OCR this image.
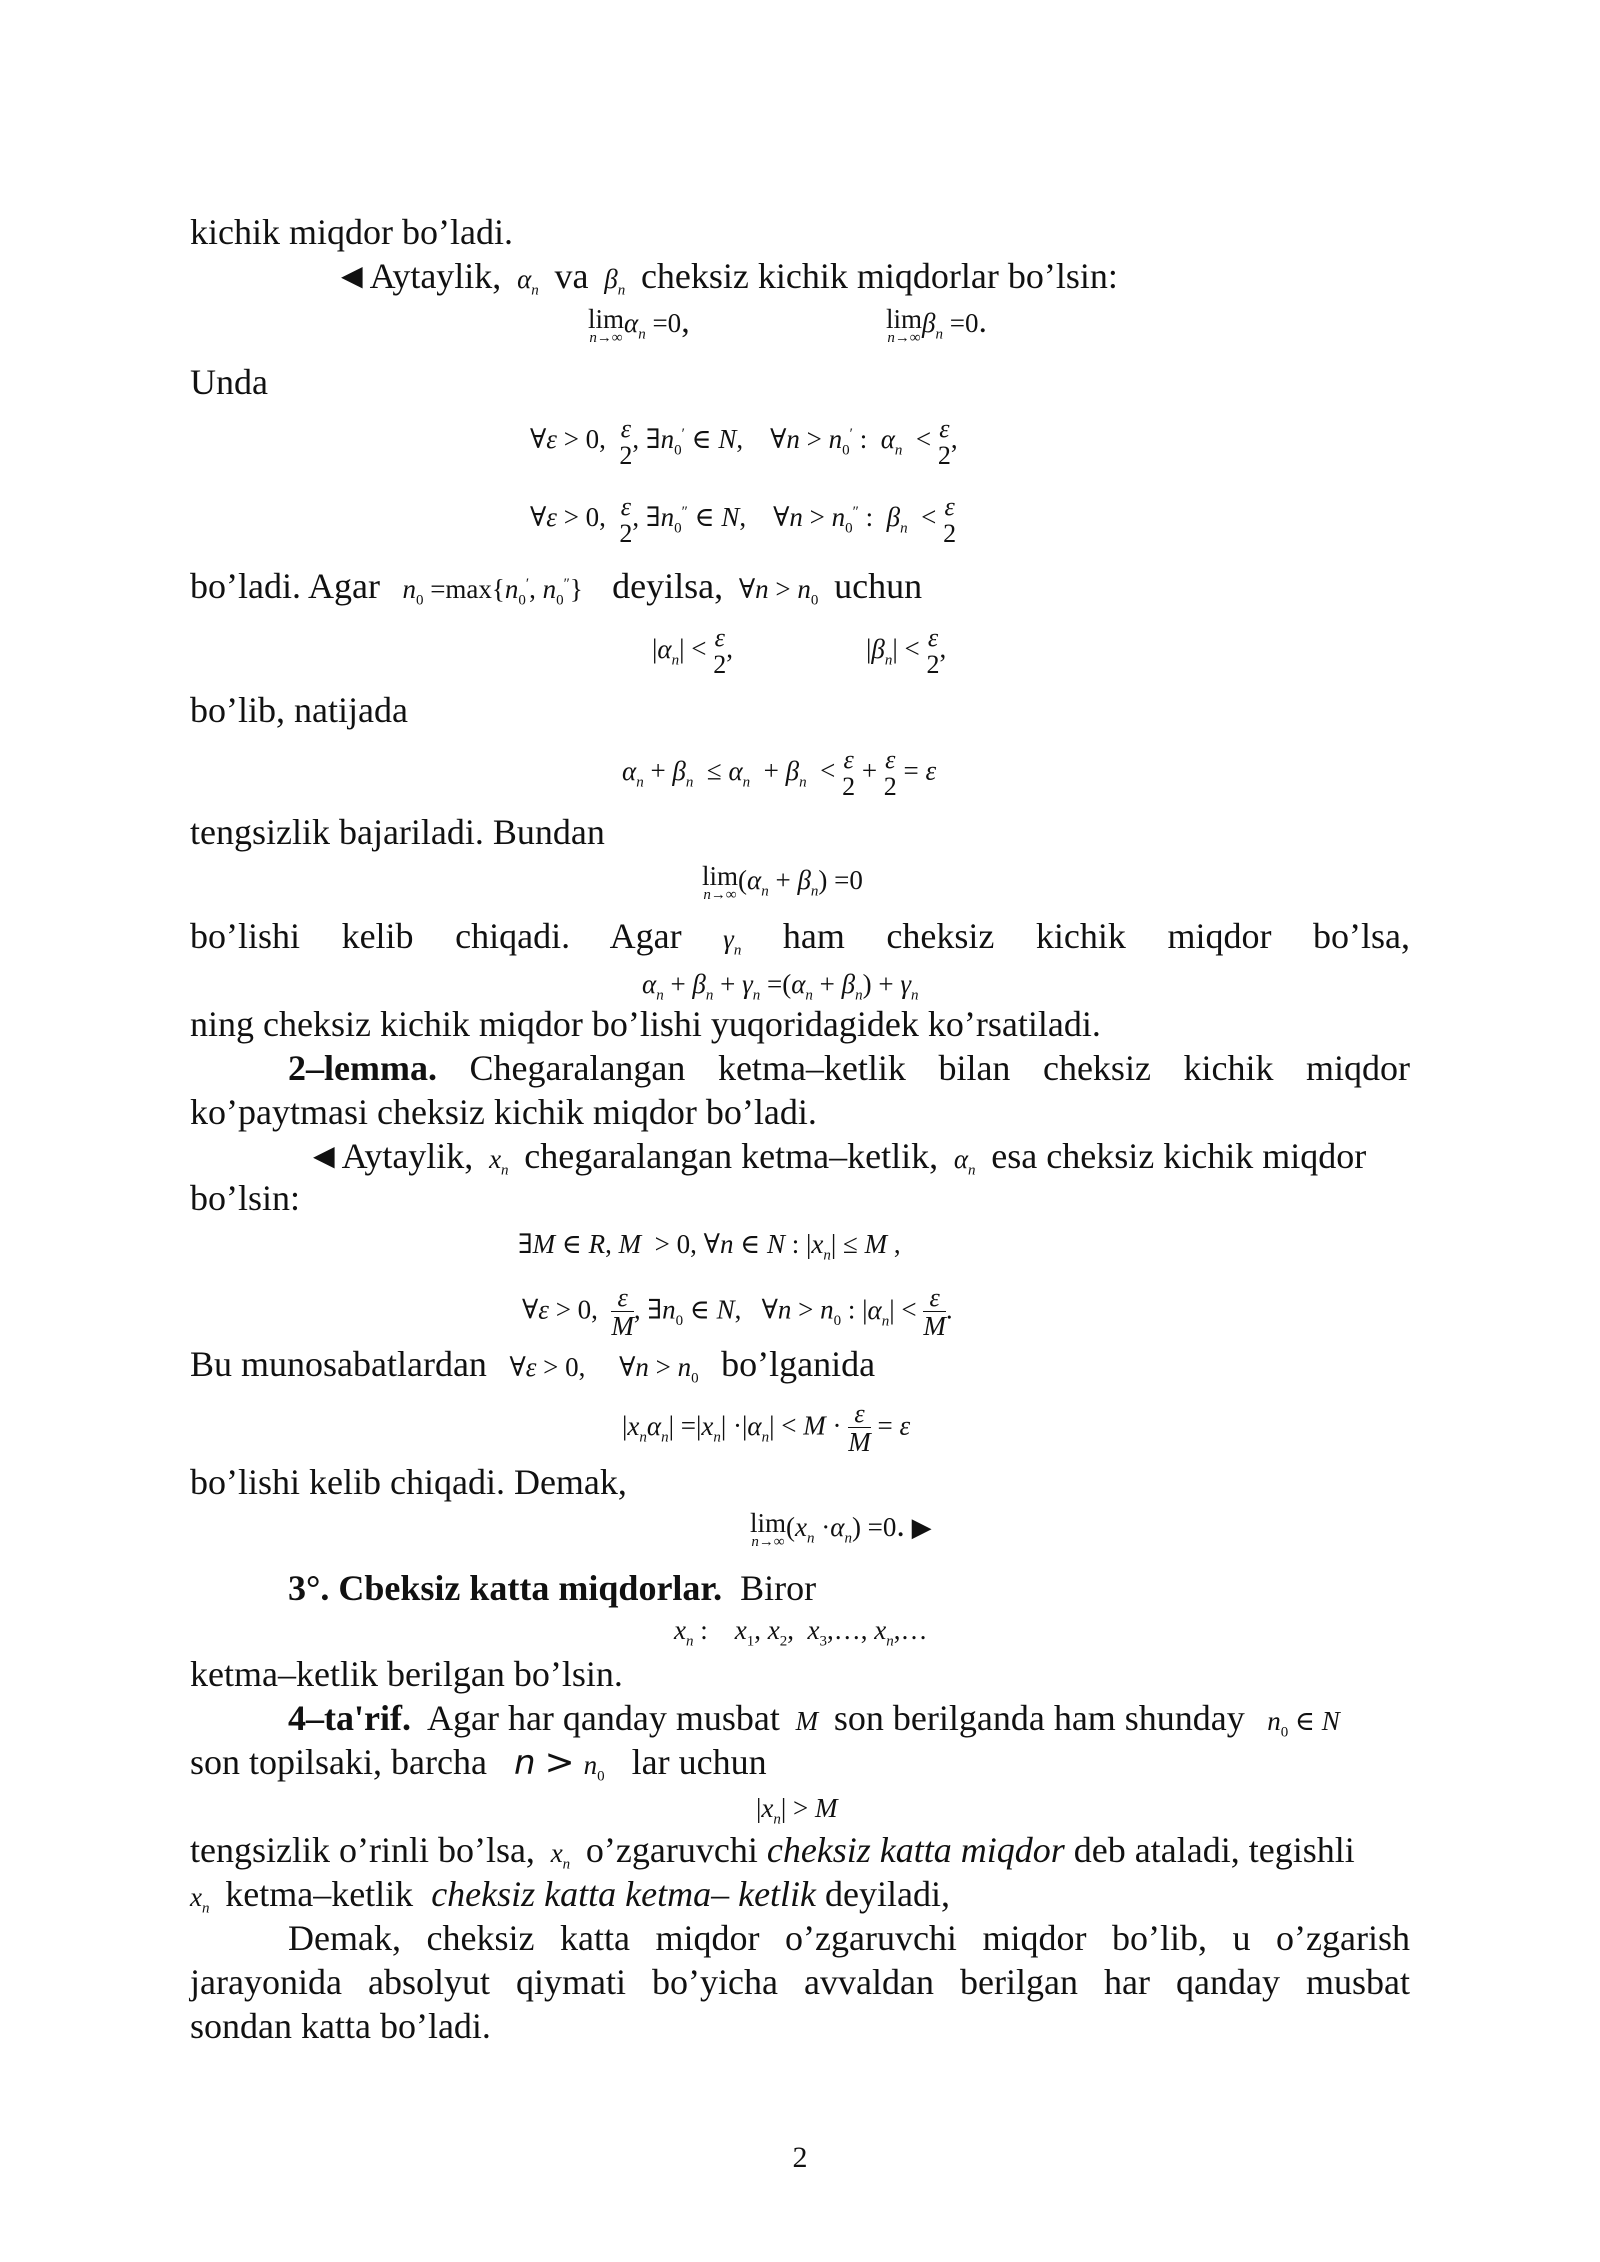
kichik miqdor bo’ladi.
◄Aytaylik,  $\alpha_n$ va  $\beta_n$ cheksiz kichik miqdorlar bo’lsin:
lim
n→∞ $\alpha_n =0$,	lim
n→∞ $\beta_n =0$.
Unda
∀ε > 0, ε
2
, $\exists n_0'$ ∈ N,    ∀n > $n_0'$ :  $\alpha_n < \varepsilon$
2
,
∀ε > 0, ε
2
, $\exists n_0''$ ∈ N,    ∀n > $n_0''$ :  $\beta_n < \varepsilon$
2
bo’ladi. Agar $n_0 =\max\{n_0'$, $n_0''$}    deyilsa,  ∀n > $n_0$ uchun
$|\alpha_n| < \varepsilon$
2
,	$|\beta_n| < \varepsilon$
2
,
bo’lib, natijada
$\alpha_n + \beta_n \le \alpha_n + \beta_n < \varepsilon$
2
+ ε
2
= ε
tengsizlik bajariladi. Bundan
lim
n→∞ $(\alpha_n + \beta_n) =0$
bo’lishi kelib chiqadi. Agar $\gamma_n$ ham cheksiz kichik miqdor bo’lsa,
$\alpha_n + \beta_n + \gamma_n =(\alpha_n + \beta_n) + \gamma_n$
ning cheksiz kichik miqdor bo’lishi yuqoridagidek ko’rsatiladi.
2–lemma. Chegaralangan ketma–ketlik bilan cheksiz kichik miqdor
ko’paytmasi cheksiz kichik miqdor bo’ladi.
◄Aytaylik,  $x_n$ chegaralangan ketma–ketlik,  $\alpha_n$ esa cheksiz kichik miqdor
bo’lsin:
∃M ∈ R, M  > 0, ∀n ∈ N : $|x_n| \le M$ ,
∀ε > 0, $\frac{\varepsilon}{M}$ , $\exists n_0$ ∈ N,   ∀n > $n_0$ : $|\alpha_n| < \frac{\varepsilon}{M}$ .
Bu munosabatlardan   ∀ε > 0,     ∀n > $n_0$ bo’lganida
$|x_n\alpha_n| =|x_n| \cdot|\alpha_n| < M \cdot \frac{\varepsilon}{M} = \varepsilon$
bo’lishi kelib chiqadi. Demak,
lim
n→∞ $(x_n \cdot\alpha_n) =0$. ▶
3°. Cbeksiz katta miqdorlar. Biror
$x_n$ :    $x_1$, $x_2$,  $x_3,\dots$, $x_n,\dots$
ketma–ketlik berilgan bo’lsin.
4–ta'rif. Agar har qanday musbat  M  son berilganda ham shunday $n_0$ ∈ N
son topilsaki, barcha $n > n_0$ lar uchun
$|x_n| > M$
tengsizlik o’rinli bo’lsa,  $x_n$ o’zgaruvchi cheksiz katta miqdor deb ataladi, tegishli
$x_n$ ketma–ketlik cheksiz katta ketma– ketlik deyiladi,
Demak, cheksiz katta miqdor o’zgaruvchi miqdor bo’lib, u o’zgarish
jarayonida absolyut qiymati bo’yicha avvaldan berilgan har qanday musbat
sondan katta bo’ladi.
2
